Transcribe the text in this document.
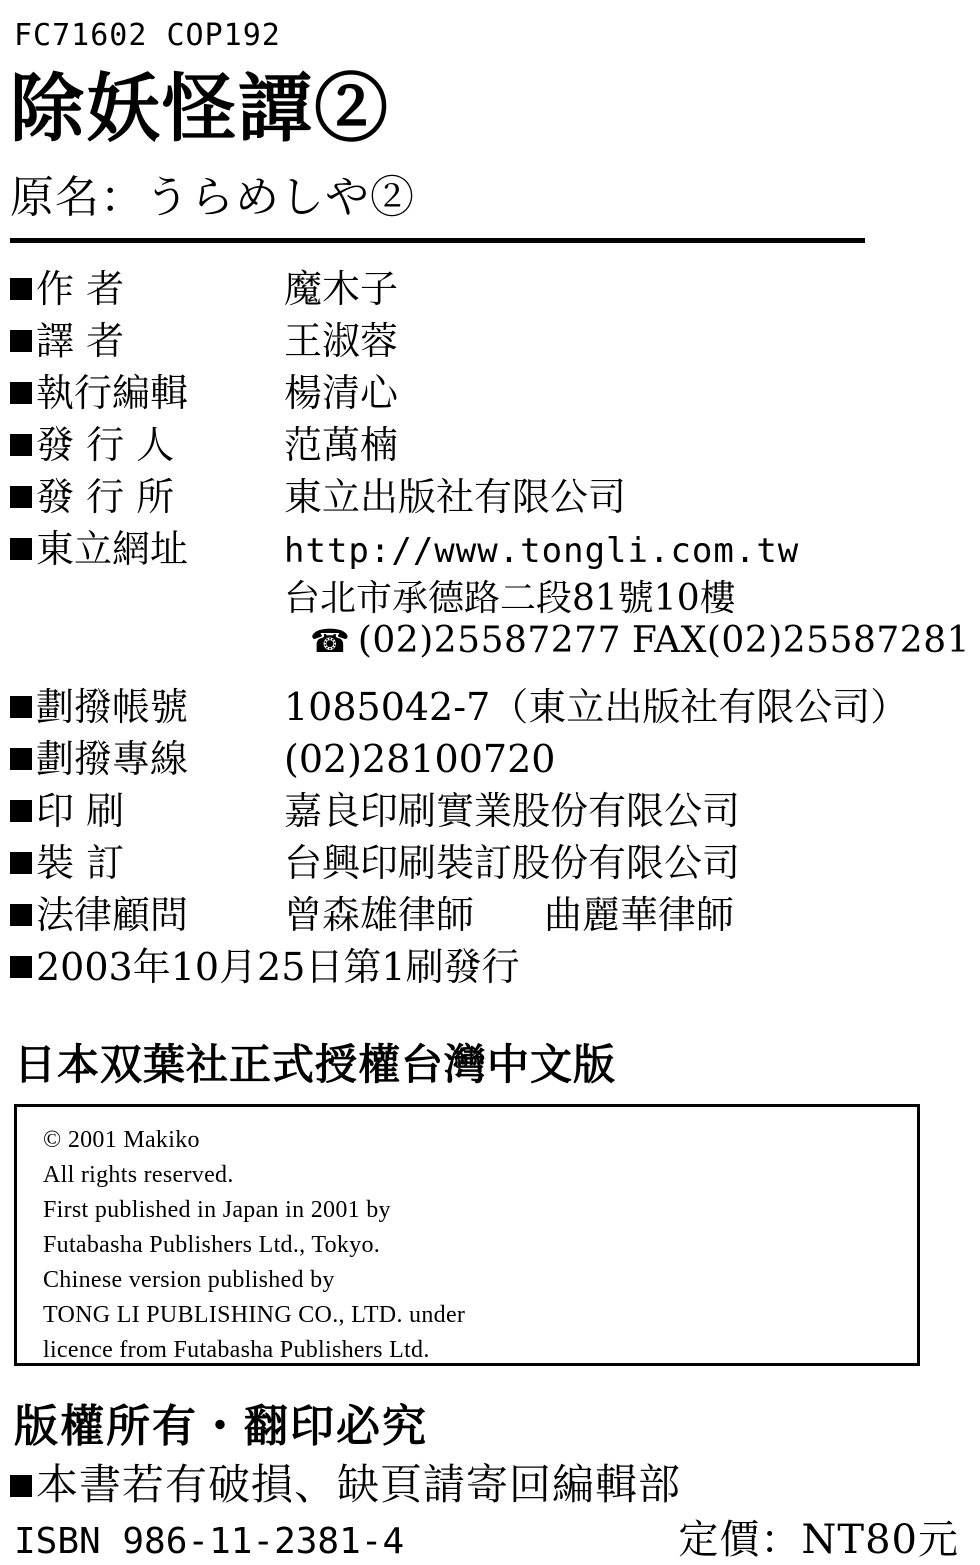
FC71602 COP192
除妖怪譚②
原名：うらめしや②
作 者	魔木子
譯 者	王淑蓉
執行編輯	楊清心
發 行 人	范萬楠
發 行 所	東立出版社有限公司
東立網址	http://www.tongli.com.tw
台北市承德路二段81號10樓
☎ (02)25587277 FAX(02)25587281
劃撥帳號	1085042-7（東立出版社有限公司）
劃撥專線	(02)28100720
印 刷	嘉良印刷實業股份有限公司
裝 訂	台興印刷裝訂股份有限公司
法律顧問	曾森雄律師 曲麗華律師
2003年10月25日第1刷發行
日本双葉社正式授權台灣中文版

© 2001 Makiko

All rights reserved.

First published in Japan in 2001 by

Futabasha Publishers Ltd., Tokyo.

Chinese version published by

TONG LI PUBLISHING CO., LTD. under

licence from Futabasha Publishers Ltd.

版權所有・翻印必究
本書若有破損、缺頁請寄回編輯部
ISBN 986-11-2381-4	定價：NT80元
